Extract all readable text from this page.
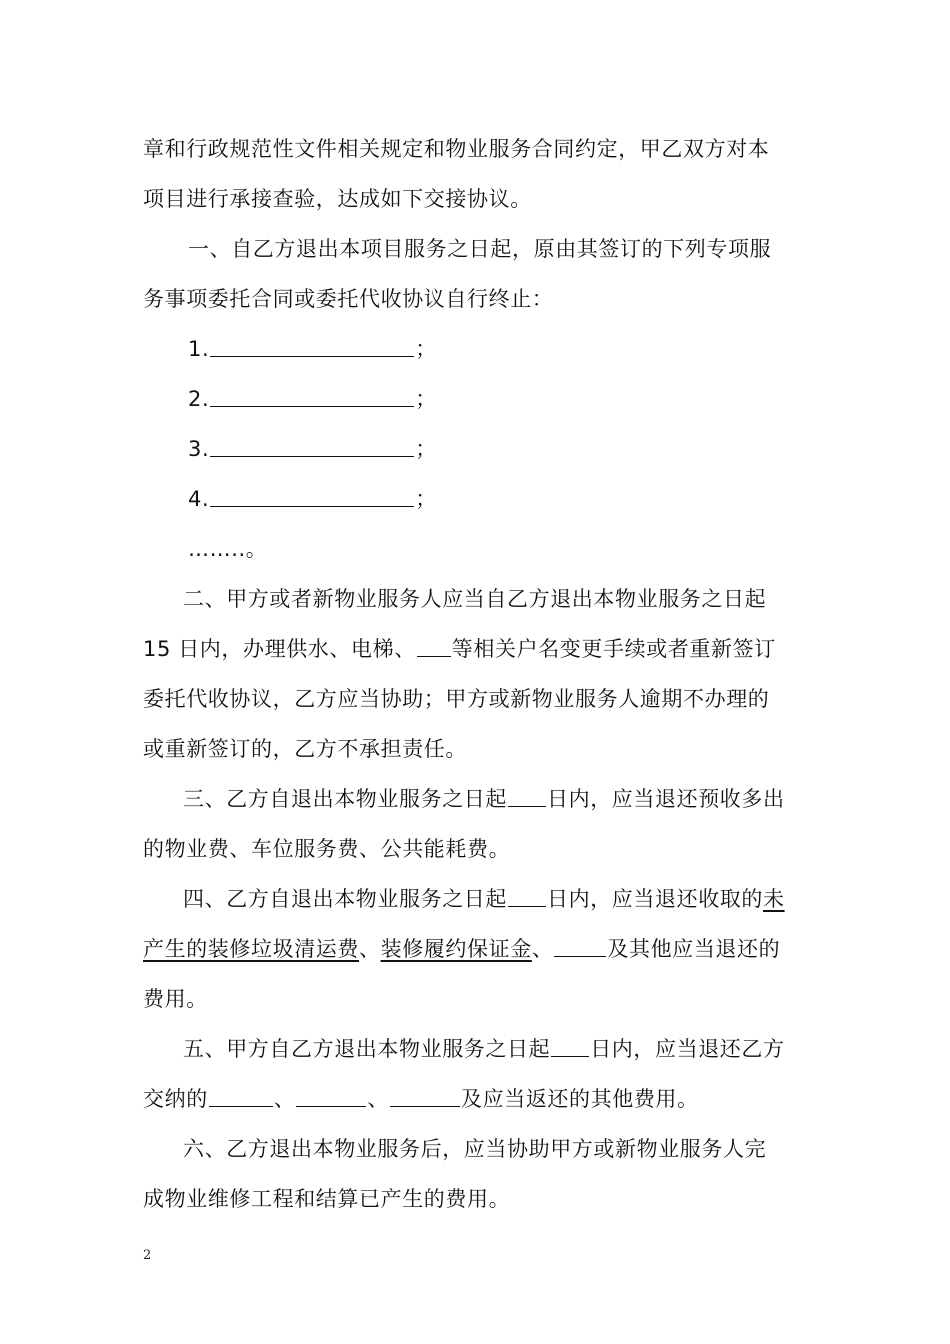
章和行政规范性文件相关规定和物业服务合同约定，甲乙双方对本
项目进行承接查验，达成如下交接协议。
一、自乙方退出本项目服务之日起，原由其签订的下列专项服
务事项委托合同或委托代收协议自行终止：
1.	；
2.	；
3.	；
4.	；
……..。
二、甲方或者新物业服务人应当自乙方退出本物业服务之日起
15 日内，办理供水、电梯、 等相关户名变更手续或者重新签订
委托代收协议，乙方应当协助；甲方或新物业服务人逾期不办理的
或重新签订的，乙方不承担责任。
三、乙方自退出本物业服务之日起 日内，应当退还预收多出
的物业费、车位服务费、公共能耗费。
四、乙方自退出本物业服务之日起 日内，应当退还收取的未
产生的装修垃圾清运费、装修履约保证金、	及其他应当退还的
费用。
五、甲方自乙方退出本物业服务之日起 日内，应当退还乙方
交纳的	、	、	及应当返还的其他费用。
六、乙方退出本物业服务后，应当协助甲方或新物业服务人完
成物业维修工程和结算已产生的费用。
2
